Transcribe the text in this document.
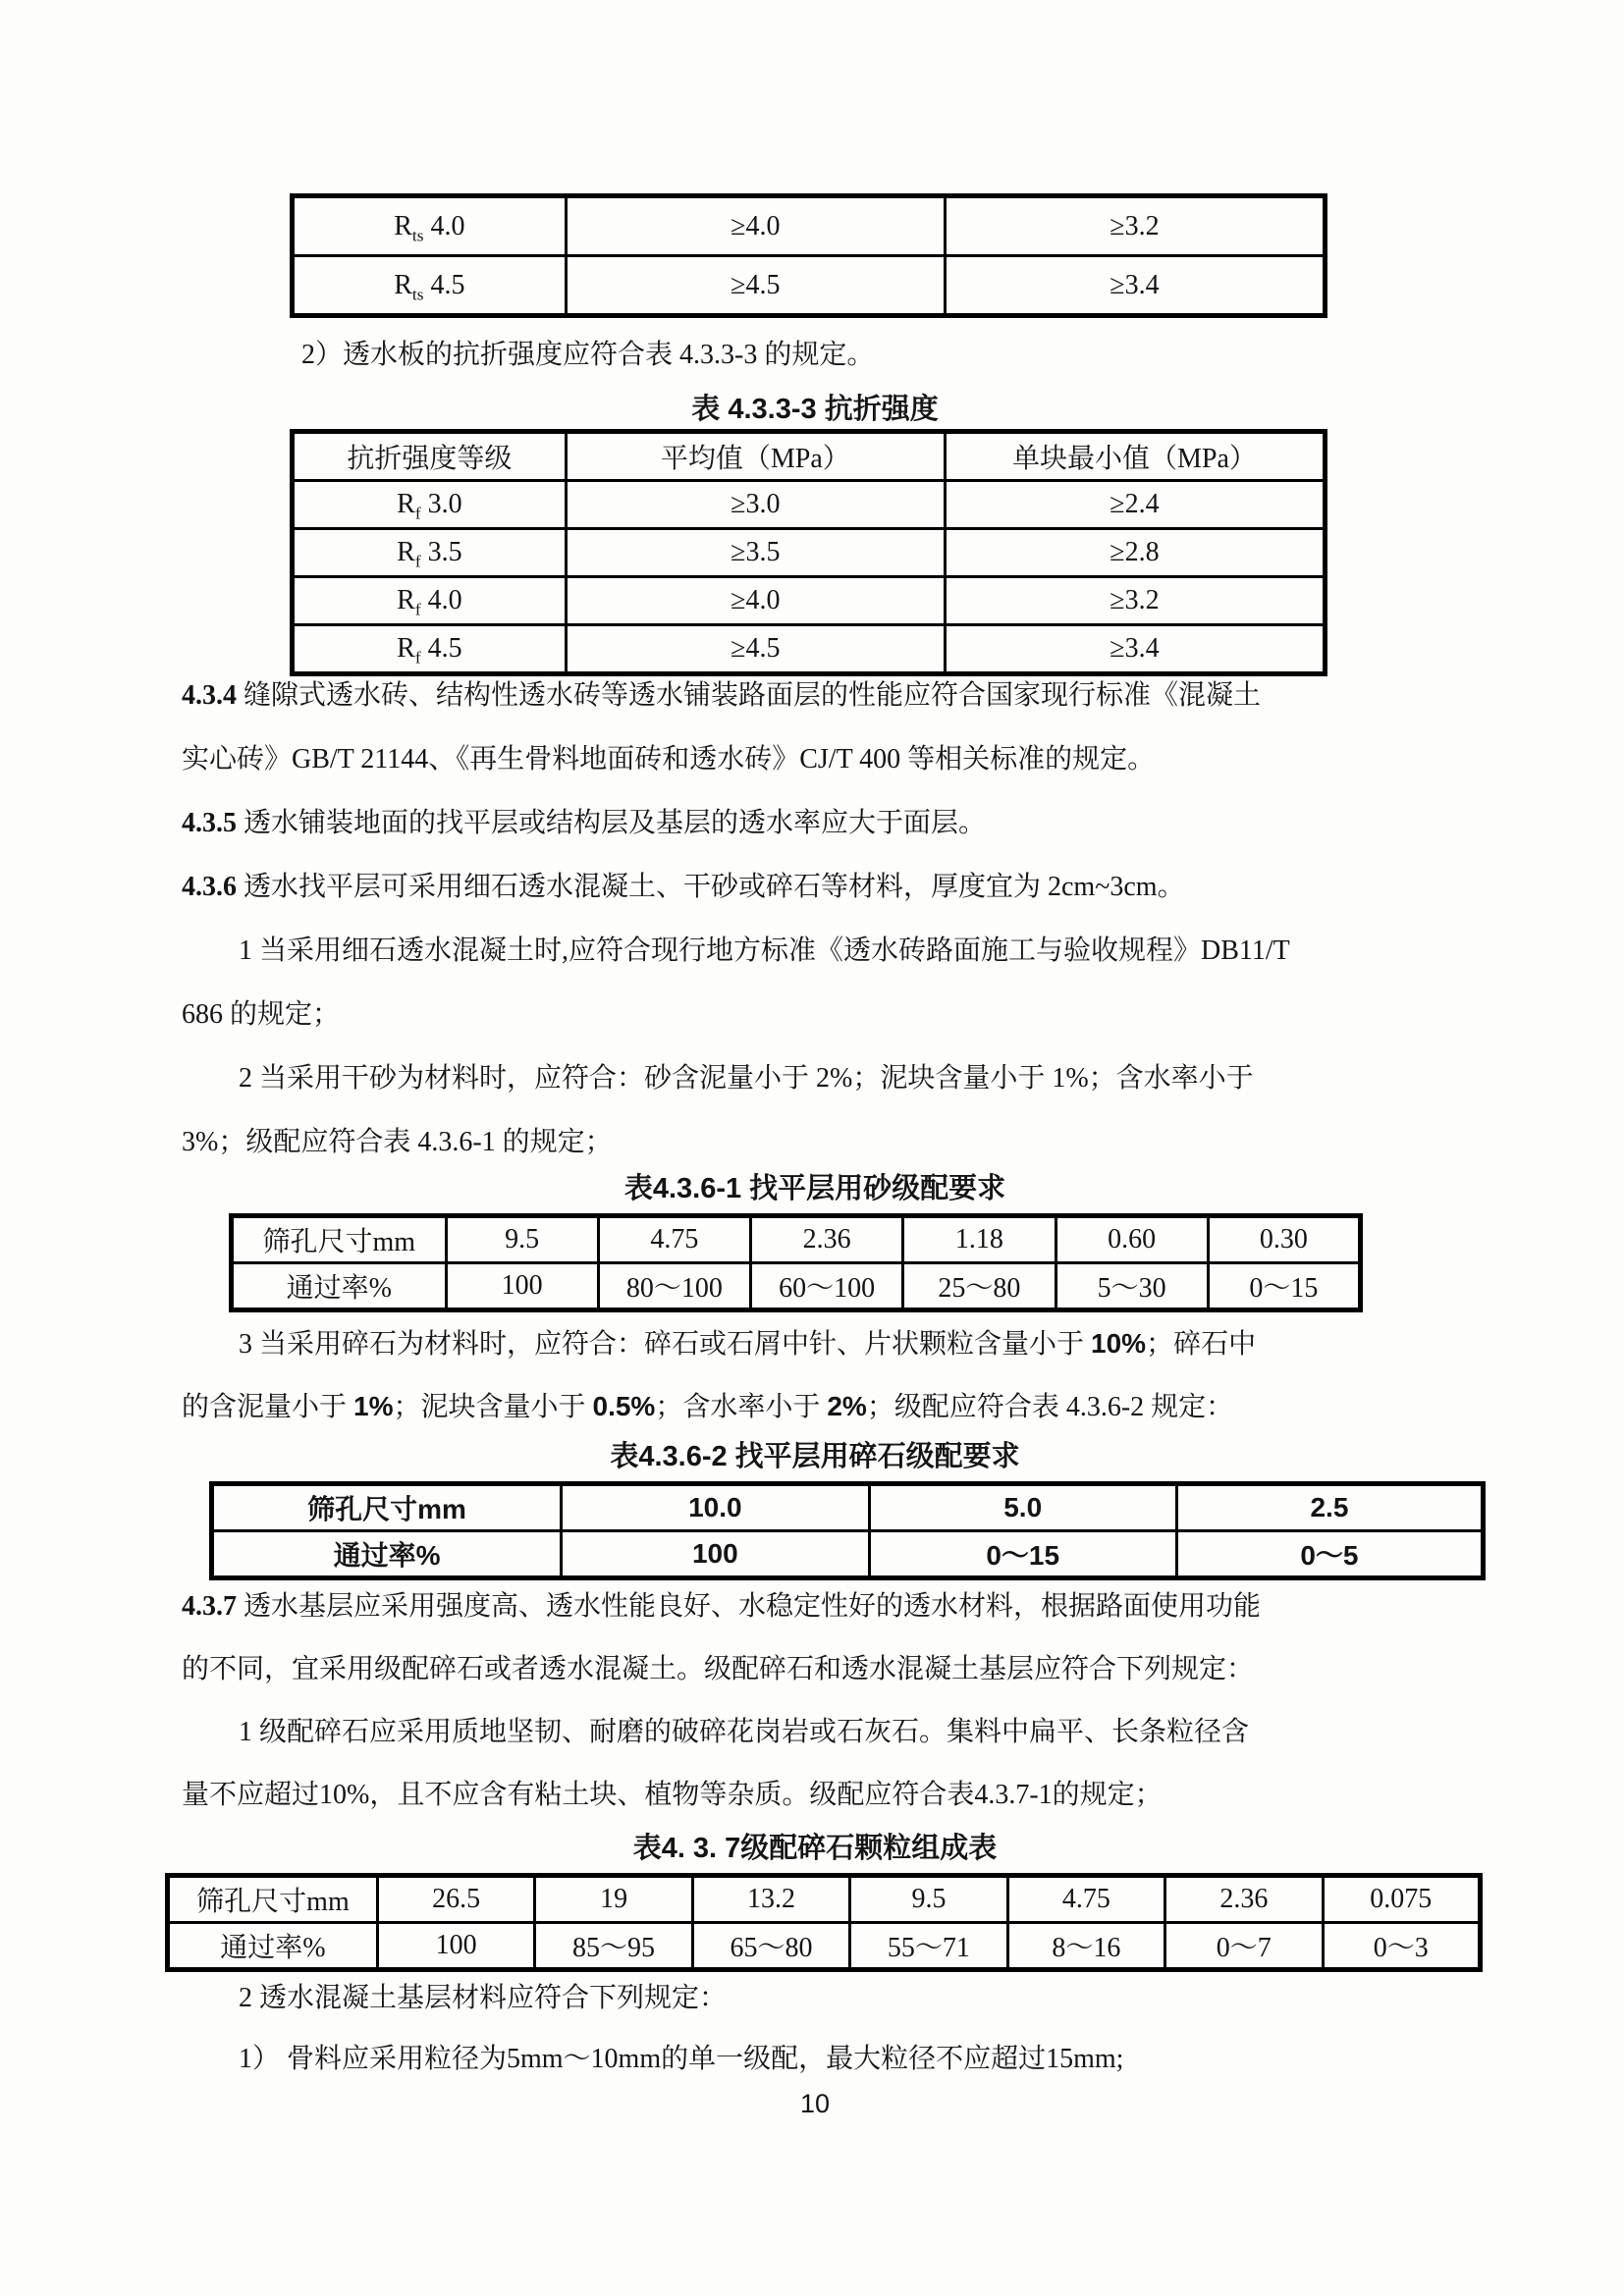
$R_{ts}$ 4.0	≥4.0	≥3.2
$R_{ts}$ 4.5	≥4.5	≥3.4
2）透水板的抗折强度应符合表 4.3.3-3 的规定。
表 4.3.3-3 抗折强度
抗折强度等级	平均值（MPa）	单块最小值（MPa）
$R_f$ 3.0	≥3.0	≥2.4
$R_f$ 3.5	≥3.5	≥2.8
$R_f$ 4.0	≥4.0	≥3.2
$R_f$ 4.5	≥4.5	≥3.4
4.3.4 缝隙式透水砖、结构性透水砖等透水铺装路面层的性能应符合国家现行标准《混凝土
实心砖》GB/T 21144、《再生骨料地面砖和透水砖》CJ/T 400 等相关标准的规定。
4.3.5 透水铺装地面的找平层或结构层及基层的透水率应大于面层。
4.3.6 透水找平层可采用细石透水混凝土、干砂或碎石等材料，厚度宜为 2cm~3cm。
1 当采用细石透水混凝土时,应符合现行地方标准《透水砖路面施工与验收规程》DB11/T
686 的规定；
2 当采用干砂为材料时，应符合：砂含泥量小于 2%；泥块含量小于 1%；含水率小于
3%；级配应符合表 4.3.6-1 的规定；
表4.3.6-1 找平层用砂级配要求
筛孔尺寸mm	9.5	4.75	2.36	1.18	0.60	0.30
通过率%	100	80～100	60～100	25～80	5～30	0～15
3 当采用碎石为材料时，应符合：碎石或石屑中针、片状颗粒含量小于 10%；碎石中
的含泥量小于 1%；泥块含量小于 0.5%；含水率小于 2%；级配应符合表 4.3.6-2 规定：
表4.3.6-2 找平层用碎石级配要求
筛孔尺寸mm	10.0	5.0	2.5
通过率%	100	0～15	0～5
4.3.7 透水基层应采用强度高、透水性能良好、水稳定性好的透水材料，根据路面使用功能
的不同，宜采用级配碎石或者透水混凝土。级配碎石和透水混凝土基层应符合下列规定：
1 级配碎石应采用质地坚韧、耐磨的破碎花岗岩或石灰石。集料中扁平、长条粒径含
量不应超过10%，且不应含有粘土块、植物等杂质。级配应符合表4.3.7-1的规定；
表4. 3. 7级配碎石颗粒组成表
筛孔尺寸mm	26.5	19	13.2	9.5	4.75	2.36	0.075
通过率%	100	85～95	65～80	55～71	8～16	0～7	0～3
2 透水混凝土基层材料应符合下列规定：
1） 骨料应采用粒径为5mm～10mm的单一级配，最大粒径不应超过15mm;
10
